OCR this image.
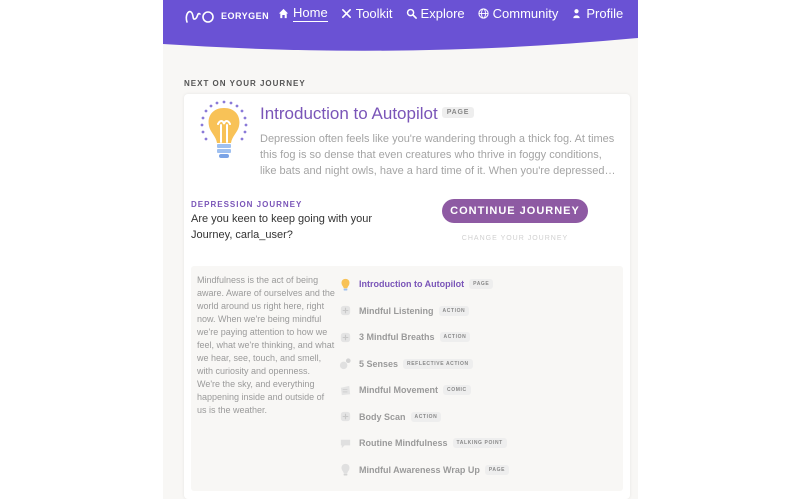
EORYGEN Home Toolkit Explore Community Profile
NEXT ON YOUR JOURNEY
Introduction to Autopilot PAGE
Depression often feels like you're wandering through a thick fog. At times this fog is so dense that even creatures who thrive in foggy conditions, like bats and night owls, have a hard time of it. When you're depressed…
DEPRESSION JOURNEY
Are you keen to keep going with your Journey, carla_user?
CONTINUE JOURNEY
CHANGE YOUR JOURNEY
Mindfulness is the act of being aware. Aware of ourselves and the world around us right here, right now. When we're being mindful we're paying attention to how we feel, what we're thinking, and what we hear, see, touch, and smell, with curiosity and openness. We're the sky, and everything happening inside and outside of us is the weather.
Introduction to Autopilot	PAGE
Mindful Listening	ACTION
3 Mindful Breaths	ACTION
5 Senses	REFLECTIVE ACTION
Mindful Movement	COMIC
Body Scan	ACTION
Routine Mindfulness	TALKING POINT
Mindful Awareness Wrap Up	PAGE
